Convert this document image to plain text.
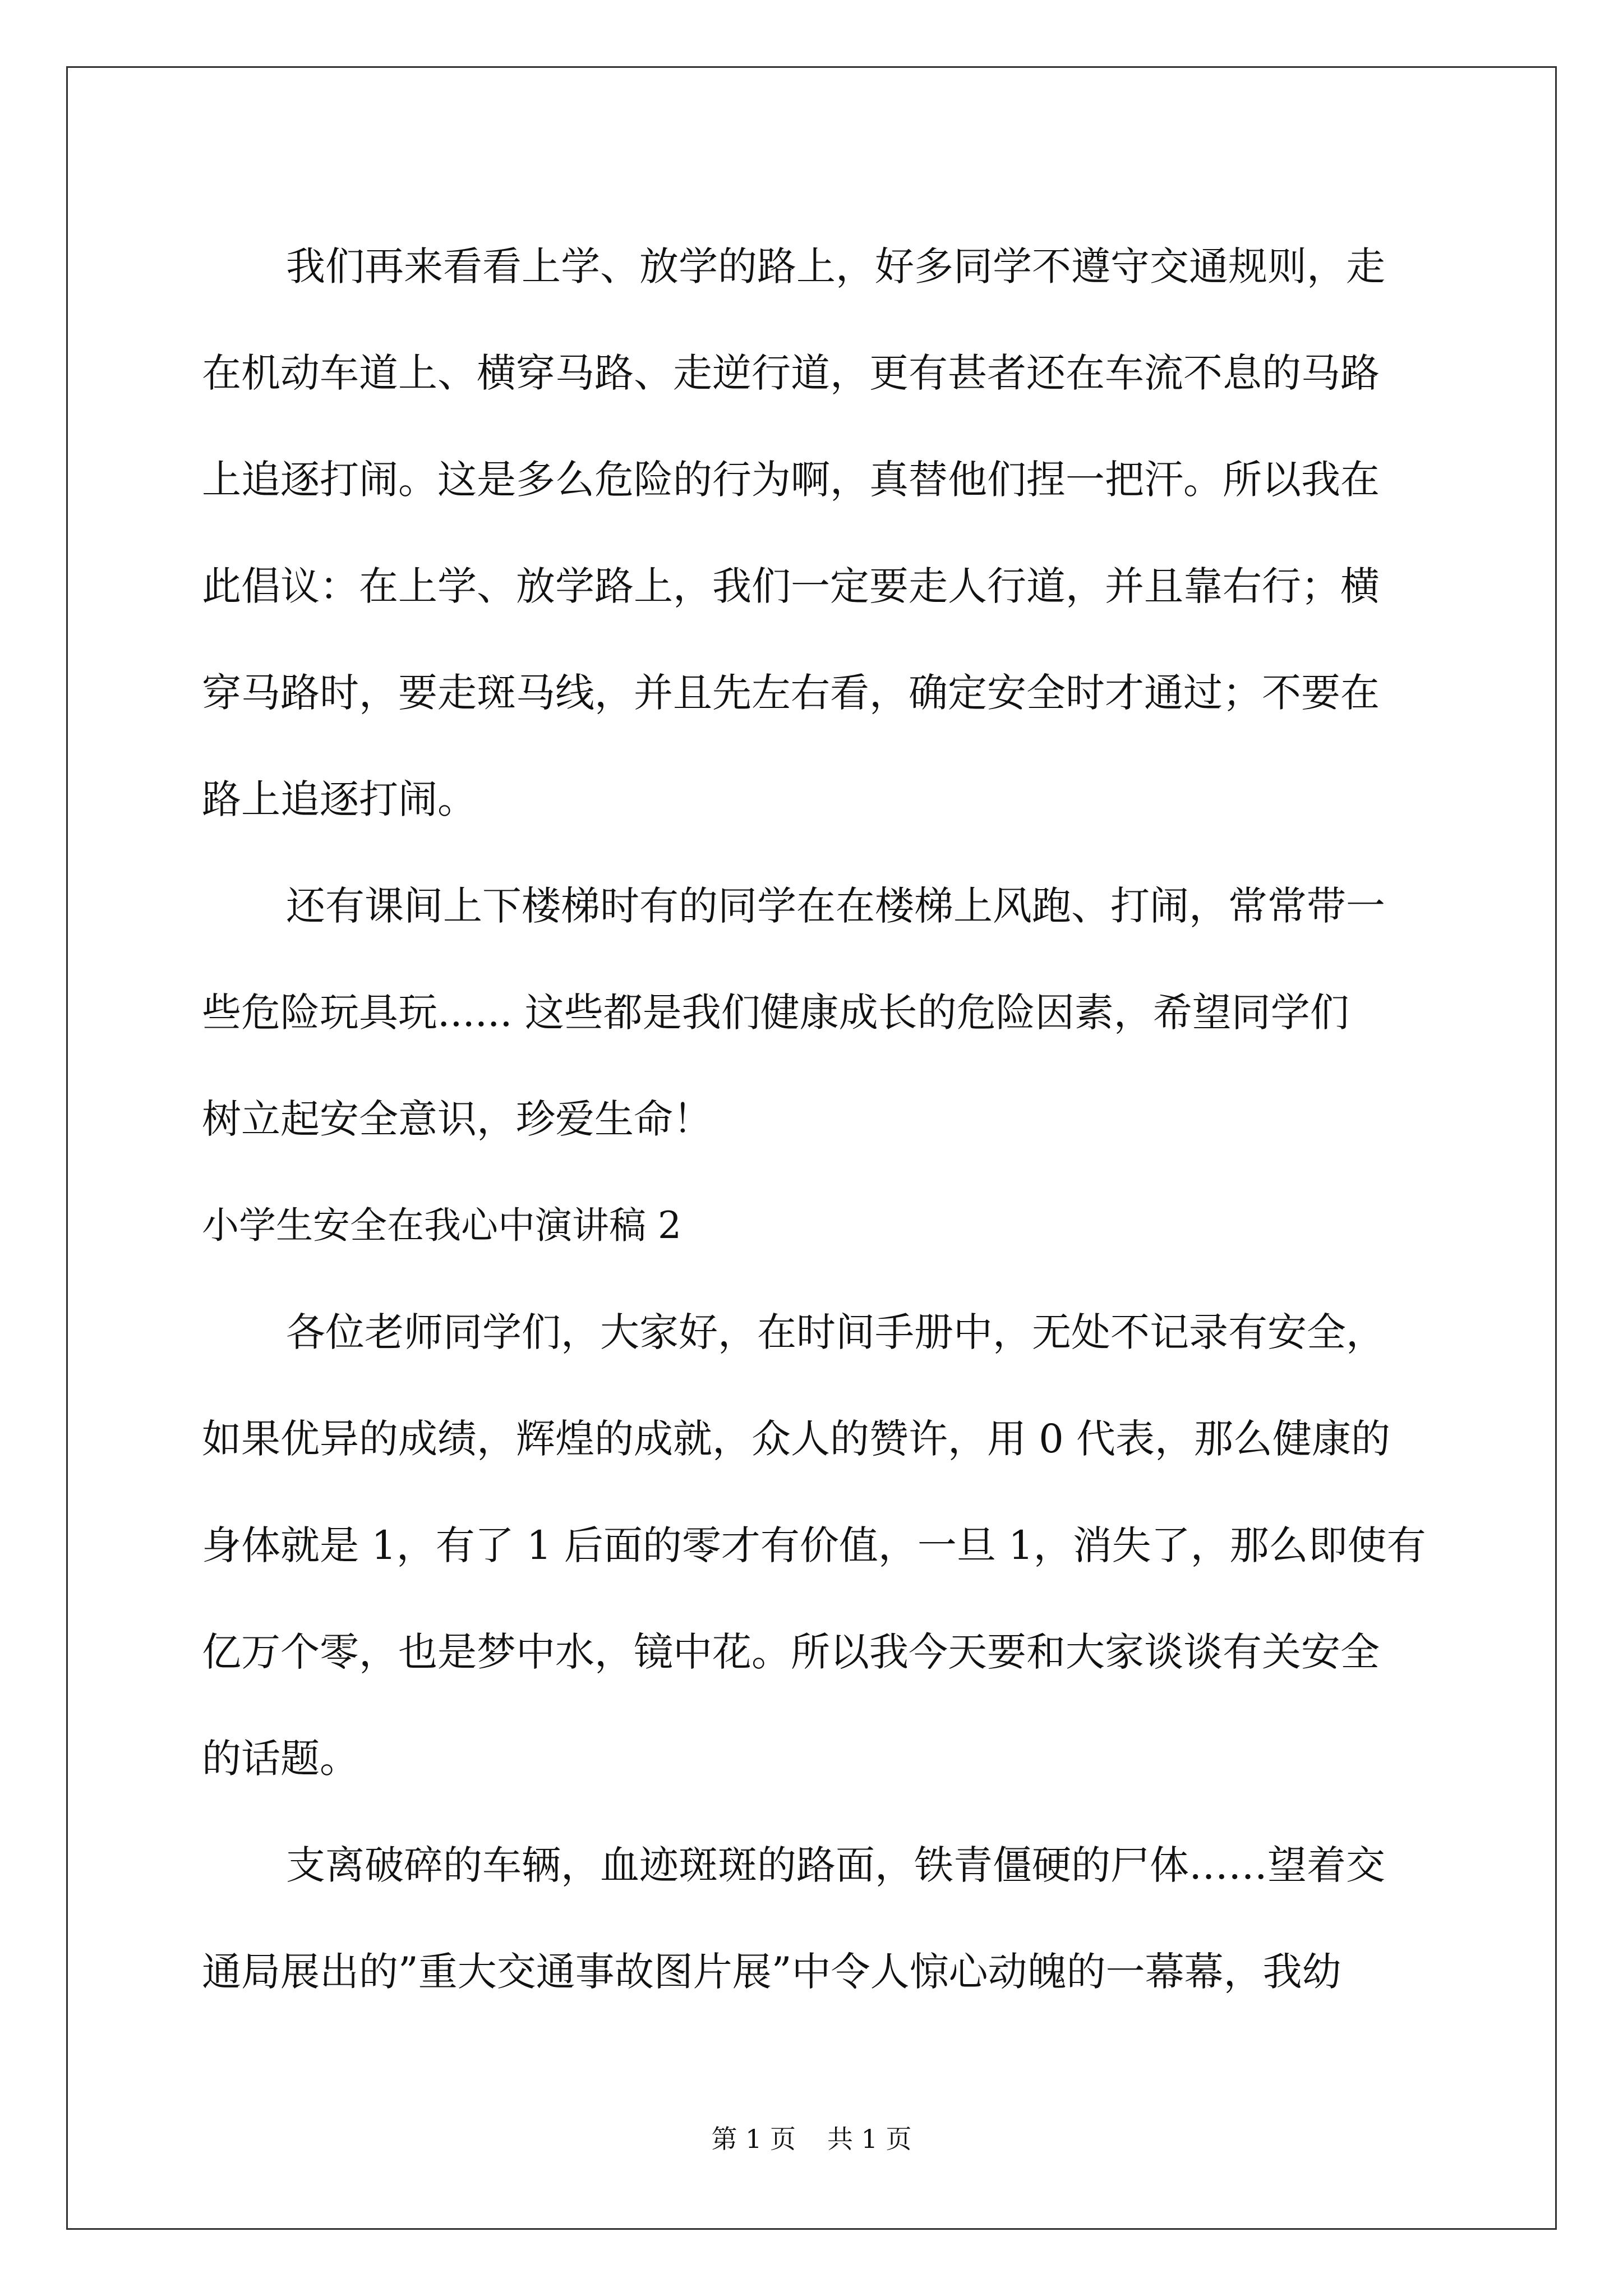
我们再来看看上学、放学的路上，好多同学不遵守交通规则，走
在机动车道上、横穿马路、走逆行道，更有甚者还在车流不息的马路
上追逐打闹。这是多么危险的行为啊，真替他们捏一把汗。所以我在
此倡议：在上学、放学路上，我们一定要走人行道，并且靠右行；横
穿马路时，要走斑马线，并且先左右看，确定安全时才通过；不要在
路上追逐打闹。
还有课间上下楼梯时有的同学在在楼梯上风跑、打闹，常常带一
些危险玩具玩...... 这些都是我们健康成长的危险因素，希望同学们
树立起安全意识，珍爱生命！
小学生安全在我心中演讲稿 2
各位老师同学们，大家好，在时间手册中，无处不记录有安全，
如果优异的成绩，辉煌的成就，众人的赞许，用 0 代表，那么健康的
身体就是 1，有了 1 后面的零才有价值，一旦 1，消失了，那么即使有
亿万个零，也是梦中水，镜中花。所以我今天要和大家谈谈有关安全
的话题。
支离破碎的车辆，血迹斑斑的路面，铁青僵硬的尸体……望着交
通局展出的”重大交通事故图片展”中令人惊心动魄的一幕幕，我幼
第 1 页 共 1 页
